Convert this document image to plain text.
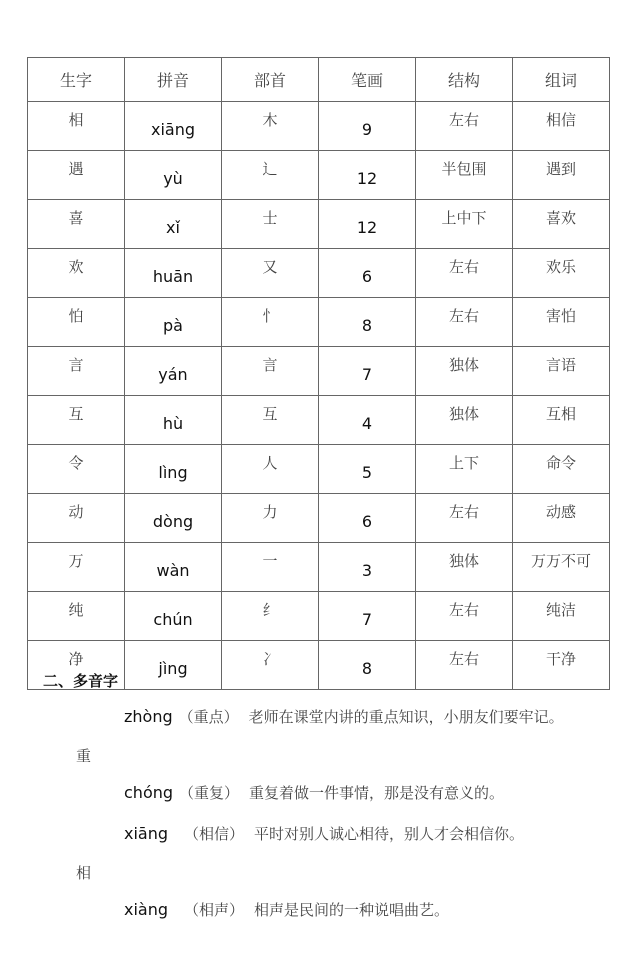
生字	拼音	部首	笔画	结构	组词
相	xiāng	木	9	左右	相信
遇	yù	辶	12	半包围	遇到
喜	xǐ	士	12	上中下	喜欢
欢	huān	又	6	左右	欢乐
怕	pà	忄	8	左右	害怕
言	yán	言	7	独体	言语
互	hù	互	4	独体	互相
令	lìng	人	5	上下	命令
动	dòng	力	6	左右	动感
万	wàn	一	3	独体	万万不可
纯	chún	纟	7	左右	纯洁
净	jìng	冫	8	左右	干净
二、多音字
zhòng （重点） 老师在课堂内讲的重点知识，小朋友们要牢记。
重
chóng （重复） 重复着做一件事情，那是没有意义的。
xiāng （相信） 平时对别人诚心相待，别人才会相信你。
相
xiàng （相声） 相声是民间的一种说唱曲艺。
